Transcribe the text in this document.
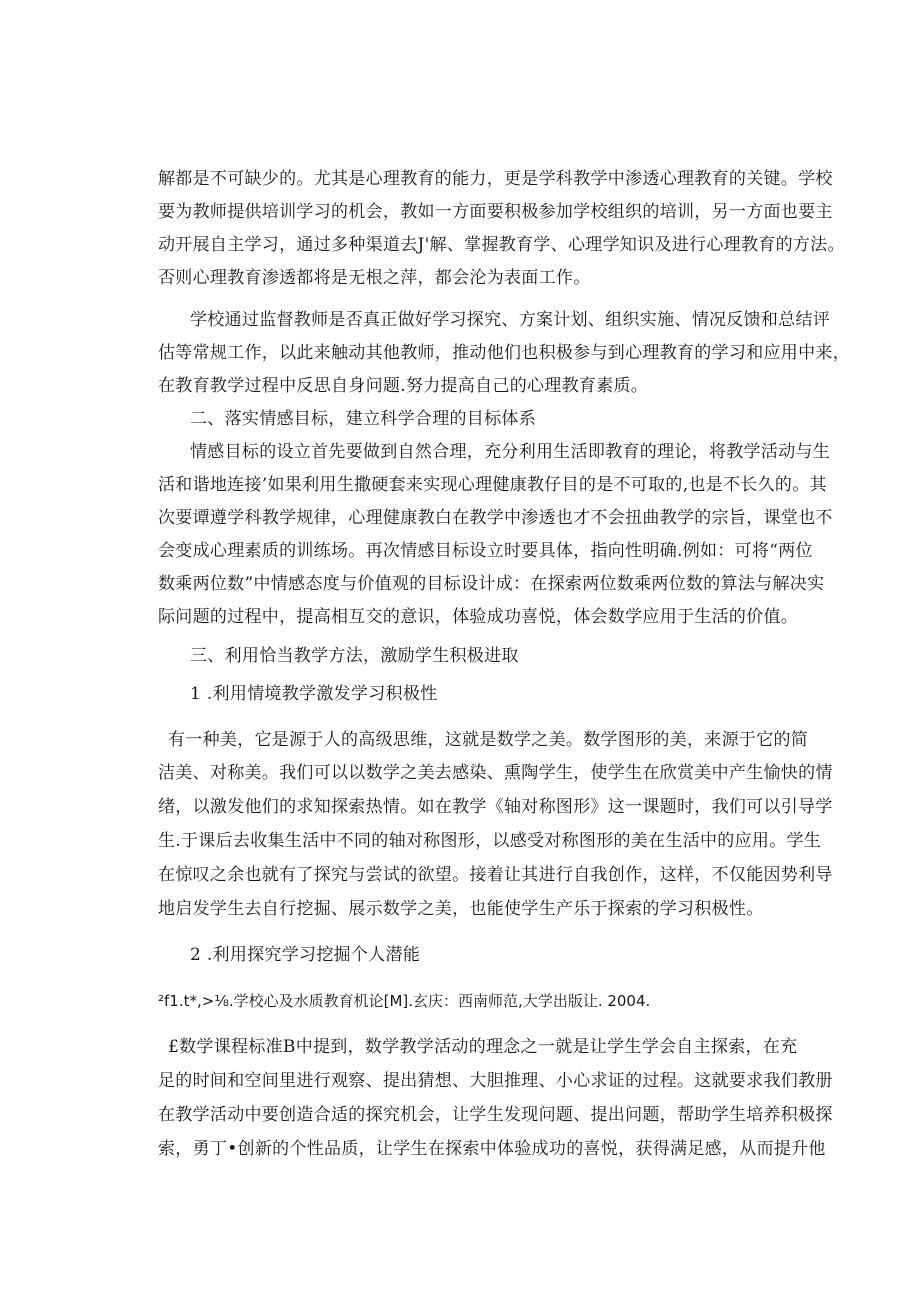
解都是不可缺少的。尤其是心理教育的能力，更是学科教学中渗透心理教育的关键。学校
要为教师提供培训学习的机会，教如一方面要积极参加学校组织的培训，另一方面也要主
动开展自主学习，通过多种渠道去J'解、掌握教育学、心理学知识及进行心理教育的方法。
否则心理教育渗透都将是无根之萍，都会沦为表面工作。
学校通过监督教师是否真正做好学习探究、方案计划、组织实施、情况反馈和总结评
估等常规工作，以此来触动其他教师，推动他们也积极参与到心理教育的学习和应用中来，
在教育教学过程中反思自身问题.努力提高自己的心理教育素质。
二、落实情感目标，建立科学合理的目标体系
情感目标的设立首先要做到自然合理，充分利用生活即教育的理论，将教学活动与生
活和谐地连接’如果利用生撒硬套来实现心理健康教仔目的是不可取的,也是不长久的。其
次要谭遵学科教学规律，心理健康教白在教学中渗透也才不会扭曲教学的宗旨，课堂也不
会变成心理素质的训练场。再次情感目标设立时要具体，指向性明确.例如：可将“两位
数乘两位数”中情感态度与价值观的目标设计成：在探索两位数乘两位数的算法与解决实
际问题的过程中，提高相互交的意识，体验成功喜悦，体会数学应用于生活的价值。
三、利用恰当教学方法，激励学生积极进取
1 .利用情境教学激发学习积极性
有一种美，它是源于人的高级思维，这就是数学之美。数学图形的美，来源于它的简
洁美、对称美。我们可以以数学之美去感染、熏陶学生，使学生在欣赏美中产生愉快的情
绪，以激发他们的求知探索热情。如在教学《轴对称图形》这一课题时，我们可以引导学
生.于课后去收集生活中不同的轴对称图形，以感受对称图形的美在生活中的应用。学生
在惊叹之余也就有了探究与尝试的欲望。接着让其进行自我创作，这样，不仅能因势利导
地启发学生去自行挖掘、展示数学之美，也能使学生产乐于探索的学习积极性。
2 .利用探究学习挖掘个人潜能
²f1.t*,>⅛.学校心及水质教育机论[M].玄庆：西南师范,大学出版让. 2004.
£数学课程标准B中提到，数学教学活动的理念之一就是让学生学会自主探索，在充
足的时间和空间里进行观察、提出猜想、大胆推理、小心求证的过程。这就要求我们教册
在教学活动中要创造合适的探究机会，让学生发现问题、提出问题，帮助学生培养积极探
索，勇丁•创新的个性品质，让学生在探索中体验成功的喜悦，获得满足感，从而提升他
